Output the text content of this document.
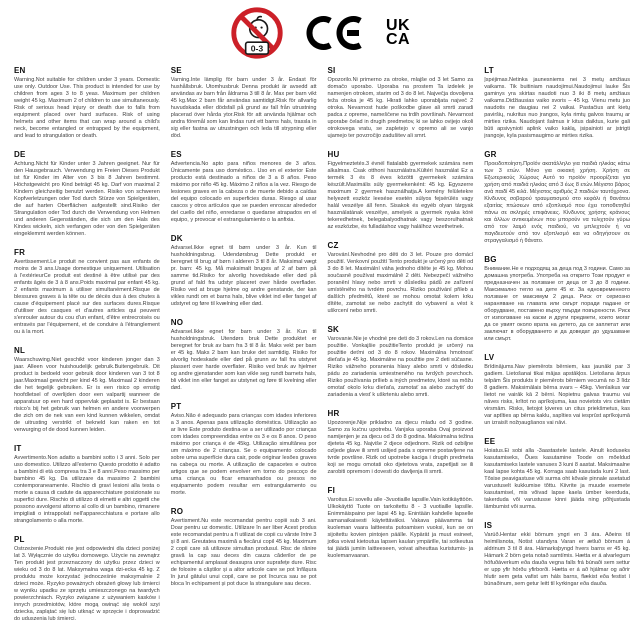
0-3
UK
CA
EN

Warning.Not suitable for children under 3 years. Domestic use only. Outdoor Use. This product is intended for use by children from ages 3 to 8 yeas. Maximum per children weight 45 kg. Maximum 2 of children to use simultaneously. Risk of serious head injury or death due to falls from equipment placed over hard surfaces. Risk of using helmets and other items that can wrap around a child's neck, become entangled or entrapped by the equipment, and lead to strangulation or death.

DE

Achtung.Nicht für Kinder unter 3 Jahren geeignet. Nur für den Hausgebrauch. Verwendung im Freien Dieses Produkt ist für Kinder im Alter von 3 bis 8 Jahren bestimmt. Höchstgewicht pro Kind beträgt 45 kg. Darf von maximal 2 Kindern gleichzeitig benutzt werden. Risiko von schweren Kopfverletzungen oder Tod durch Stürze von Spielgeräten, die auf harten Oberflächen aufgestellt sind.Risiko der Strangulation oder Tod durch die Verwendung von Helmen und anderen Gegenständen, die sich um den Hals des Kindes wickeln, sich verfangen oder von den Spielgeräten eingeklemmt werden können.

FR

Avertissement.Le produit ne convient pas aux enfants de moins de 3 ans.Usage domestique uniquement. Utilisation à l'extérieurCe produit est destiné à être utilisé par des enfants âgés de 3 à 8 ans.Poids maximal par enfant 45 kg. 2 enfants maximum à utiliser simultanément.Risque de blessures graves à la tête ou de décès dus à des chutes à cause d'équipement placé sur des surfaces dures.Risque d'utiliser des casques et d'autres articles qui peuvent s'enrouler autour du cou d'un enfant, d'être entrecroisés ou entravés par l'équipement, et de conduire à l'étranglement ou à la mort.

NL

Waarschuwing.Niet geschikt voor kinderen jonger dan 3 jaar. Alleen voor huishoudelijk gebruik.Buitengebruik. Dit product is bedoeld voor gebruik door kinderen van 3 tot 8 jaar.Maximaal gewicht per kind 45 kg. Maximaal 2 kinderen die het tegelijk gebruiken. Er is een risico op ernstig hoofdletsel of overlijden door een valpartij wanneer de apparatuur op een hard oppervlak geplaatst is. Er bestaan risico's bij het gebruik van helmen en andere voorwerpen die zich om de nek van een kind kunnen wikkelen, omdat de uitrusting verstrikt of bekneld kan raken en tot verwurging of de dood kunnen leiden.

IT

Avvertimento.Non adatto a bambini sotto i 3 anni. Solo per uso domestico. Utilizzo all'esterno Questo prodotto è adatto a bambini di età compresa tra 3 e 8 anni.Peso massimo per bambino 45 kg. Da utilizzare da massimo 2 bambini contemporaneamente. Rischio di gravi lesioni alla testa o morte a causa di cadute da apparecchiature posizionate su superfici dure. Rischio di utilizzo di elmetti e altri oggetti che possono avvolgersi attorno al collo di un bambino, rimanere impigliati o intrappolati nell'apparecchiatura e portare allo strangolamento o alla morte.

PL

Ostrzeżenie.Produkt nie jest odpowiedni dla dzieci poniżej lat 3. Wyłącznie do użytku domowego. Użycie na zewnątrz Ten produkt jest przeznaczony do użytku przez dzieci w wieku od 3 do 8 lat. Maksymalna waga dzi-ecka 45 kg. Z produktu może korzystać jednocześnie maksymalnie 2 dzieci może. Ryzyko poważnych obrażeń głowy lub śmierci w wyniku upadku ze sprzętu umieszczonego na twardych powierzchniach. Ryzyko związane z używaniem kasków i innych przedmiotów, które mogą owinąć się wokół szyi dziecka, zaplątać się lub utknąć w sprzęcie i doprowadzić do uduszenia lub śmierci.

SE

Varning.Inte lämplig för barn under 3 år. Endast för hushållsbruk. Utomhusbruk Denna produkt är avsedd att användas av barn från åldrarna 3 till 8 år. Max per barn vikt 45 kg.Max 2 barn får användas samtidigt.Risk för allvarlig huvudskada eller dödsfall på grund av fall från utrustning placerad över hårda ytor.Risk för att använda hjälmar och andra föremål som kan lindas runt ett barns hals, trassla in sig eller fastna av utrustningen och leda till strypning eller död.

ES

Advertencia.No apto para niños menores de 3 años. Únicamente para uso doméstico.. Uso en el exterior Este producto está destinado a niños de 3 a 8 años. Peso máximo por niño 45 kg. Máximo 2 niños a la vez. Riesgo de lesiones graves en la cabeza o de muerte debido a caídas del equipo colocado en superficies duras. Riesgo al usar cascos y otros artículos que se pueden enroscar alrededor del cuello del niño, enredarse o quedarse atrapados en el equipo, y provocar el estrangulamiento o la anfixia.

DK

Advarsel.Ikke egnet til børn under 3 år. Kun til husholdningsbrug. Udendørsbrug Dette produkt er beregnet til brug af børn i alderen 3 til 8 år. Maksimal vægt pr. barn: 45 kg. Må maksimalt bruges af 2 af børn på samme tid.Risiko for alvorlig hovedskade eller død på grund af fald fra udstyr placeret over hårde overflader. Risiko ved at bruge hjelme og andre genstande, der kan vikles rundt om et barns hals, blive viklet ind eller fanget af udstyret og føre til kvælning eller død.

NO

Advarsel.Ikke egnet for barn under 3 år. Kun til husholdningsbruk. Utendørs bruk Dette produktet er beregnet for bruk av barn fra 3 til 8 år. Maks vekt per barn er 45 kg. Maks 2 barn kan bruke det samtidig. Risiko for alvorlig hodeskade eller død på grunn av fall fra utstyret plassert over harde overflater. Risiko ved bruk av hjelmer og andre gjenstander som kan vikle seg rundt barnets hals, bli viklet inn eller fanget av utstynet og føre til kvelning eller død.

PT

Aviso.Não é adequado para crianças com idades inferiores a 3 anos. Apenas para utilização doméstica. Utilização ao ar livre Este produto destina-se a ser utilizado por crianças com idades compreendidas entre os 3 e os 8 anos. O peso máximo por criança é de 45kg. Utilização simultânea por um máximo de 2 crianças. Se o equipamento colocado sobre uma superfície dura cair, pode originar lesões graves na cabeça ou morte. A utilização de capacetes e outros artigos que se podem envolver em torno do pescoço de uma criança ou ficar emaranhados ou presos no equipamento podem resultar em estrangulamento ou morte.

RO

Avertisment.Nu este recomandat pentru copiii sub 3 ani. Doar pentru uz domestic. Utilizare în aer liber Acest produs este recomandat pentru a fi utilizat de copii cu vârste între 3 și 8 ani. Greutatea maximă a fiecărui copil 45 kg. Maximum 2 copii care să utilizeze simultan produsul. Risc de rănire gravă la cap sau deces din cauza căderilor de pe echipamentul amplasat deasupra unor suprafețe dure. Risc de folosire a căștilor și a altor articole care se pot înfășura în jurul gâtului unui copil, care se pot încurca sau se pot bloca în echipament și pot duce la strangulare sau deces.

SI

Opozorilo.Ni primerno za otroke, mlajše od 3 let Samo za domačo uporabo. Uporaba na prostem Ta izdelek je namenjen otrokom, starim od 3 do 8 let. Največja dovoljena teža otroka je 45 kg. Hkrati lahko uporabljata največ 2 otroka. Nevarnost hude poškodbe glave ali smrti zaradi padca z opreme, nameščene na trdih površinah. Nevarnost uporabe čelad in drugih predmetov, ki se lahko ovijejo okoli otrokovega vratu, se zapletejo v opremo ali se vanjo ujamejo ter povzročijo zadušitev ali smrt.

HU

Figyelmeztetés.3 évnél fiatalabb gyermekek számára nem alkalmas. Csak otthoni használatra.Kültéri használat Ez a termék 3 és 8 éves közötti gyermekek számára készült.Maximális súly gyermekenként: 45 kg. Egyszerre maximum 2 gyermek használhatja.A kemény felületekre helyezett eszköz leesése esetén súlyos fejsérülés vagy halál veszélye áll fenn. Sisakok és egyéb olyan tárgyak használatának veszélye, amelyek a gyermek nyaka köré tekeredhetnek, belegabalyodhatnak vagy beszorulhatnak az eszközbe, és fulladáshoz vagy halálhoz vezethetnek.

CZ

Varování.Nevhodné pro děti do 3 let. Pouze pro domácí použití. Venkovní použití Tento produkt je určený pro děti od 3 do 8 let. Maximální váha jednoho dítěte je 45 kg. Mohou současně používat maximálně 2 děti. Nebezpečí vážného poranění hlavy nebo smrti v důsledku pádů ze zařízení umístěného na tvrdém povrchu. Riziko používání přileb a dalších předmětů, které se mohou omotat kolem krku dítěte, zamotat se nebo zachytit do vybavení a vést k uškrcení nebo smrti.

SK

Varovanie.Nie je vhodné pre deti do 3 rokov.Len na domáce použitie. Vonkajšie použitieTento produkt je určený na použitie deťmi od 3 do 8 rokov. Maximálna hmotnosť dieťaťa je 45 kg. Maximálne na použitie pre 2 deti súčasne. Riziko vážneho poranenia hlavy alebo smrti v dôsledku pádu zo zariadenia umiestneného na tvrdých povrchoch. Riziko používania prílieb a iných predmetov, ktoré sa môžu omotať okolo krku dieťaťa, zamotať sa alebo zachytiť do zariadenia a viesť k uškrteniu alebo smrti.

HR

Upozorenje.Nije prikladno za djecu mlađu od 3 godine. Samo za kućnu upotrebu. Vanjska uporaba Ovaj proizvod namijenjen je za djecu od 3 do 8 godina. Maksimalna težina djeteta 45 kg. Najviše 2 djece odjednom. Rizik od ozbiljne ozljede glave ili smrti uslijed pada s opreme postavljene na tvrde površine. Rizik od upotrebe kaciga i drugih predmeta koji se mogu omotati oko djetetova vrata, zapetljati se ili zarobiti opremom i dovesti do davljenja ili smrti.

FI

Varoitus.Ei sovellu alle -3vuotiaille lapsille.Vain kotikäyttöön. Ulkokäyttö Tuote on tarkoitettu 8 - 3 vuotiaille lapsille. Enimmäispaino per lapsi 45 kg. Enintään kahdelle lapselle samanaikaisesti käytettäväksi. Vakava päävamma tai kuoleman vaara laitteesta putoamisen vuoksi, kun se on sijoitettu kovien pintojen päälle. Kypärät ja muut esineet, jotka voivat kietoutua lapsen kaulan ympärille, tai sotkeutua tai jäädä jumiin laitteeseen, voivat aiheuttaa kuristumis- ja kuolemanvaaran.

LT

Įspėjimas.Netinka jaunesniems nei 3 metų amžiaus vaikams. Tik buitiniam naudojimui.Naudojimui lauke Šis gaminys yra skirtas naudoti nuo 3 iki 8 metų amžiaus vaikams.Didžiausias vaiko svoris – 45 kg. Vienu metu juo naudotis ne daugiau nei 2 vaikai. Pastačius ant kietų paviršių, nukritus nuo įrangos, kyla rimtų galvos traumų ar mirties rizika. Naudojant šalmus ir kitus daiktus, kurie gali būti apsivynioti aplink vaiko kaklą, įsipainioti ar įstrigti įrangoje, kyla pasismaugimo ar mirties rizika.

GR

Προειδοποίηση.Προϊόν ακατάλληλο για παιδιά ηλικίας κάτω των 3 ετών. Μόνο για οικιακή χρήση. Χρήση σε Εξωτερικούς Χώρους Αυτό το προϊόν προορίζεται για χρήση από παιδιά ηλικίας από 3 έως 8 ετών.Μέγιστο βάρος ανά παιδί 45 κιλά. Μέγιστος αριθμός 2 παιδιών ταυτόχρονα. Κίνδυνος σοβαρού τραυματισμού στο κεφάλι ή θανάτου εξαιτίας πτώσεων από εξοπλισμό που έχει τοποθετηθεί πάνω σε σκληρές επιφάνειες. Κίνδυνος χρήσης κράνους και άλλων αντικειμένων που μπορούν να τυλιχτούν γύρω από τον λαιμό ενός παιδιού, να μπλεχτούν ή να παγιδευτούν από τον εξοπλισμό και να οδηγήσουν σε στραγγαλισμό ή θάνατο.

BG

Внимание.Не е подходящ за деца под 3 години. Само за домашна употреба. Употреба на открито Този продукт е предназначен за ползване от деца от 3 до 8 години. Максимално тегло на дете 45 кг. За едновременното ползване от максимум 2 деца. Риск от сериозно нараняване на главата или смърт поради падане от оборудване, поставено върху твърди повърхности. Риск от използване на каски и други предмети, които могат да се увият около врата на детето, да се заплетат или заключат в оборудването и да доведат до удушаване или смърт.

LV

Brīdinājums.Nav piemērots bērniem, kas jaunāki par 3 gadiem. Lietošanai tikai mājas apstākļos. Lietošana ārpus telpām Šis produkts ir piemērots bērniem vecumā no 3 līdz 8 gadiem. Maksimālais bērna svars – 45kg. Vienlaikus var lietot ne vairāk kā 2 bērni. Nopietnu galvas traumu vai nāves risks, krītot no aprīkojuma, kas novietots virs cietām virsmām. Risks, lietojot ķiveres un citus priekšmetus, kas var aptīties ap bērna kaklu, sapīties vai iesprūst aprīkojumā un izraisīt nožņaugšanos vai nāvi.

EE

Hoiatus.Ei sobi alla -3aastastele lastele. Ainult koduseks kasutamiseks, Õues kasutamine Toode on mõeldud kasutamiseks lastele vanuses 3 kuni 8 aastat. Maksimaalne kaal lapse kohta 45 kg. Korraga saab kasutada kuni 2 last. Tõsise peavigastuse või surma oht kõvale pinnale asetatud varustuselt kukkumise tõttu. Kiivrite ja muude esemete kasutamisel, mis võivad lapse kaela ümber keerduda, takerduda või varustusse kinni jääda ning põhjustada lämbumist või surma.

IS

Varúð.Hentar ekki börnum yngri en 3 ára. Aðeins til heimilisnota, Notist utandyra Varan er ætluð börnum á aldrinum 3 til 8 ára. Hámarksþyngd hvers barns er 45 kg. Hámark 2 börn geta notað samtímis. Hætta er á alvarlegum höfuðáverkum eða dauða vegna falls frá búnaði sem settur er upp yfir hörðu yfirborði. Hætta er á að hjálmar og aðrir hlutir sem geta vafist um háls barns, flækist eða festist í búnaðinum, sem getur leitt til kyrkingar eða dauða.
